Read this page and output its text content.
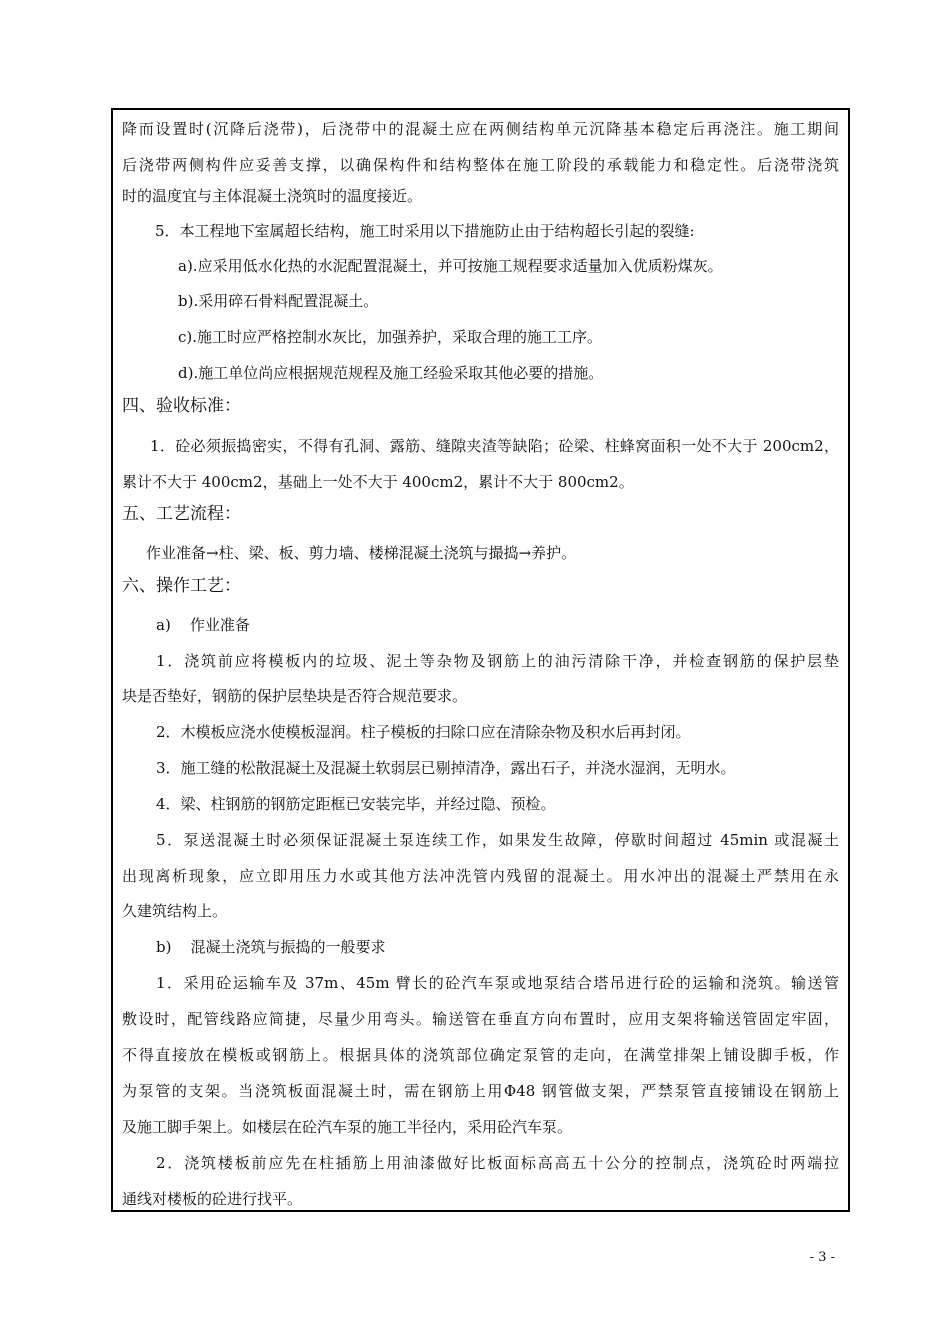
降而设置时(沉降后浇带)，后浇带中的混凝土应在两侧结构单元沉降基本稳定后再浇注。施工期间
后浇带两侧构件应妥善支撑，以确保构件和结构整体在施工阶段的承载能力和稳定性。后浇带浇筑
时的温度宜与主体混凝土浇筑时的温度接近。
5．本工程地下室属超长结构，施工时采用以下措施防止由于结构超长引起的裂缝:
a).应采用低水化热的水泥配置混凝土，并可按施工规程要求适量加入优质粉煤灰。
b).采用碎石骨料配置混凝土。
c).施工时应严格控制水灰比，加强养护，采取合理的施工工序。
d).施工单位尚应根据规范规程及施工经验采取其他必要的措施。
四、验收标准：
1．砼必须振捣密实，不得有孔洞、露筋、缝隙夹渣等缺陷；砼梁、柱蜂窝面积一处不大于 200cm2，
累计不大于 400cm2，基础上一处不大于 400cm2，累计不大于 800cm2。
五、工艺流程：
作业准备→柱、梁、板、剪力墙、楼梯混凝土浇筑与撮捣→养护。
六、操作工艺：
a)    作业准备
1．浇筑前应将模板内的垃圾、泥土等杂物及钢筋上的油污清除干净，并检查钢筋的保护层垫
块是否垫好，钢筋的保护层垫块是否符合规范要求。
2．木模板应浇水使模板湿润。柱子模板的扫除口应在清除杂物及积水后再封闭。
3．施工缝的松散混凝土及混凝土软弱层已剔掉清净，露出石子，并浇水湿润，无明水。
4．梁、柱钢筋的钢筋定距框已安装完毕，并经过隐、预检。
5．泵送混凝土时必须保证混凝土泵连续工作，如果发生故障，停歇时间超过 45min 或混凝土
出现离析现象，应立即用压力水或其他方法冲洗管内残留的混凝土。用水冲出的混凝土严禁用在永
久建筑结构上。
b)    混凝土浇筑与振捣的一般要求
1．采用砼运输车及 37m、45m 臂长的砼汽车泵或地泵结合塔吊进行砼的运输和浇筑。输送管
敷设时，配管线路应简捷，尽量少用弯头。输送管在垂直方向布置时，应用支架将输送管固定牢固，
不得直接放在模板或钢筋上。根据具体的浇筑部位确定泵管的走向，在满堂排架上铺设脚手板，作
为泵管的支架。当浇筑板面混凝土时，需在钢筋上用Φ48 钢管做支架，严禁泵管直接铺设在钢筋上
及施工脚手架上。如楼层在砼汽车泵的施工半径内，采用砼汽车泵。
2．浇筑楼板前应先在柱插筋上用油漆做好比板面标高高五十公分的控制点，浇筑砼时两端拉
通线对楼板的砼进行找平。
- 3 -
